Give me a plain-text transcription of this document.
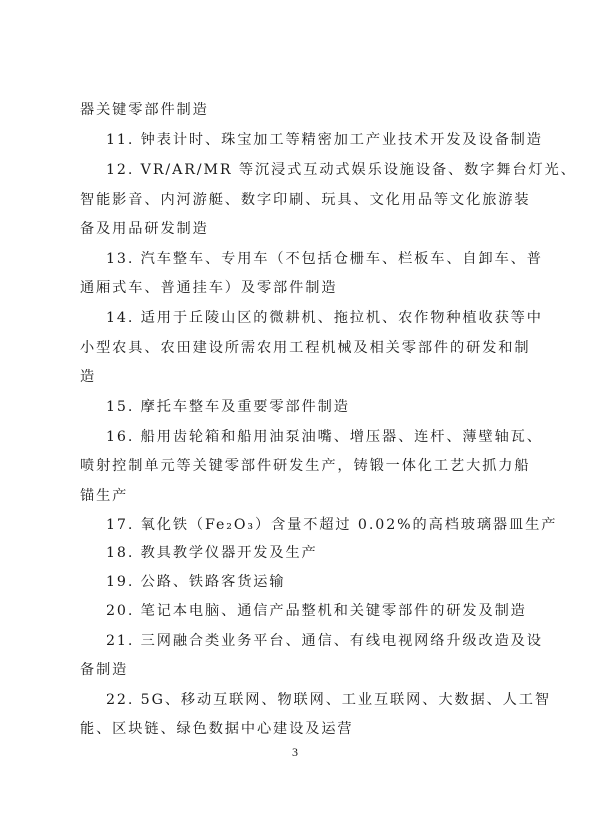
器关键零部件制造
11. 钟表计时、珠宝加工等精密加工产业技术开发及设备制造
12. VR/AR/MR 等沉浸式互动式娱乐设施设备、数字舞台灯光、
智能影音、内河游艇、数字印刷、玩具、文化用品等文化旅游装
备及用品研发制造
13. 汽车整车、专用车（不包括仓栅车、栏板车、自卸车、普
通厢式车、普通挂车）及零部件制造
14. 适用于丘陵山区的微耕机、拖拉机、农作物种植收获等中
小型农具、农田建设所需农用工程机械及相关零部件的研发和制
造
15. 摩托车整车及重要零部件制造
16. 船用齿轮箱和船用油泵油嘴、增压器、连杆、薄壁轴瓦、
喷射控制单元等关键零部件研发生产，铸锻一体化工艺大抓力船
锚生产
17. 氧化铁（Fe₂O₃）含量不超过 0.02%的高档玻璃器皿生产
18. 教具教学仪器开发及生产
19. 公路、铁路客货运输
20. 笔记本电脑、通信产品整机和关键零部件的研发及制造
21. 三网融合类业务平台、通信、有线电视网络升级改造及设
备制造
22. 5G、移动互联网、物联网、工业互联网、大数据、人工智
能、区块链、绿色数据中心建设及运营
3
